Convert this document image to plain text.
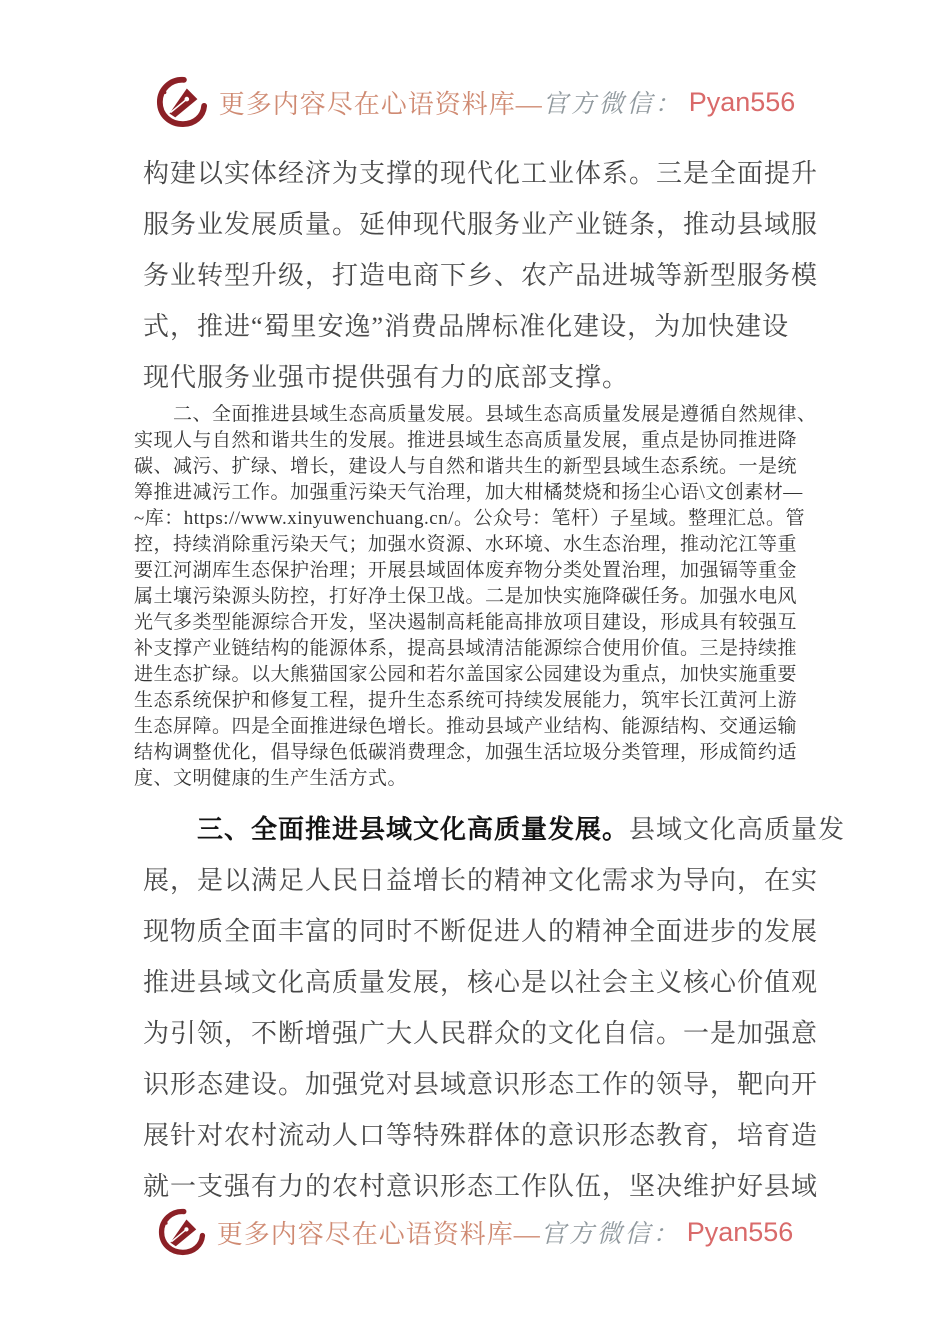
更多内容尽在心语资料库— 官方微信： Pyan556
构建以实体经济为支撑的现代化工业体系。三是全面提升
服务业发展质量。延伸现代服务业产业链条，推动县域服
务业转型升级，打造电商下乡、农产品进城等新型服务模
式，推进“蜀里安逸”消费品牌标准化建设，为加快建设
现代服务业强市提供强有力的底部支撑。
　　二、全面推进县域生态高质量发展。县域生态高质量发展是遵循自然规律、
实现人与自然和谐共生的发展。推进县域生态高质量发展，重点是协同推进降
碳、减污、扩绿、增长，建设人与自然和谐共生的新型县域生态系统。一是统
筹推进减污工作。加强重污染天气治理，加大柑橘焚烧和扬尘心语\文创素材—
~库：https://www.xinyuwenchuang.cn/。公众号：笔杆）子星域。整理汇总。管
控，持续消除重污染天气；加强水资源、水环境、水生态治理，推动沱江等重
要江河湖库生态保护治理；开展县域固体废弃物分类处置治理，加强镉等重金
属土壤污染源头防控，打好净土保卫战。二是加快实施降碳任务。加强水电风
光气多类型能源综合开发，坚决遏制高耗能高排放项目建设，形成具有较强互
补支撑产业链结构的能源体系，提高县域清洁能源综合使用价值。三是持续推
进生态扩绿。以大熊猫国家公园和若尔盖国家公园建设为重点，加快实施重要
生态系统保护和修复工程，提升生态系统可持续发展能力，筑牢长江黄河上游
生态屏障。四是全面推进绿色增长。推动县域产业结构、能源结构、交通运输
结构调整优化，倡导绿色低碳消费理念，加强生活垃圾分类管理，形成简约适
度、文明健康的生产生活方式。
　　三、全面推进县域文化高质量发展。县域文化高质量发
展，是以满足人民日益增长的精神文化需求为导向，在实
现物质全面丰富的同时不断促进人的精神全面进步的发展
推进县域文化高质量发展，核心是以社会主义核心价值观
为引领，不断增强广大人民群众的文化自信。一是加强意
识形态建设。加强党对县域意识形态工作的领导，靶向开
展针对农村流动人口等特殊群体的意识形态教育，培育造
就一支强有力的农村意识形态工作队伍，坚决维护好县域
更多内容尽在心语资料库— 官方微信： Pyan556
